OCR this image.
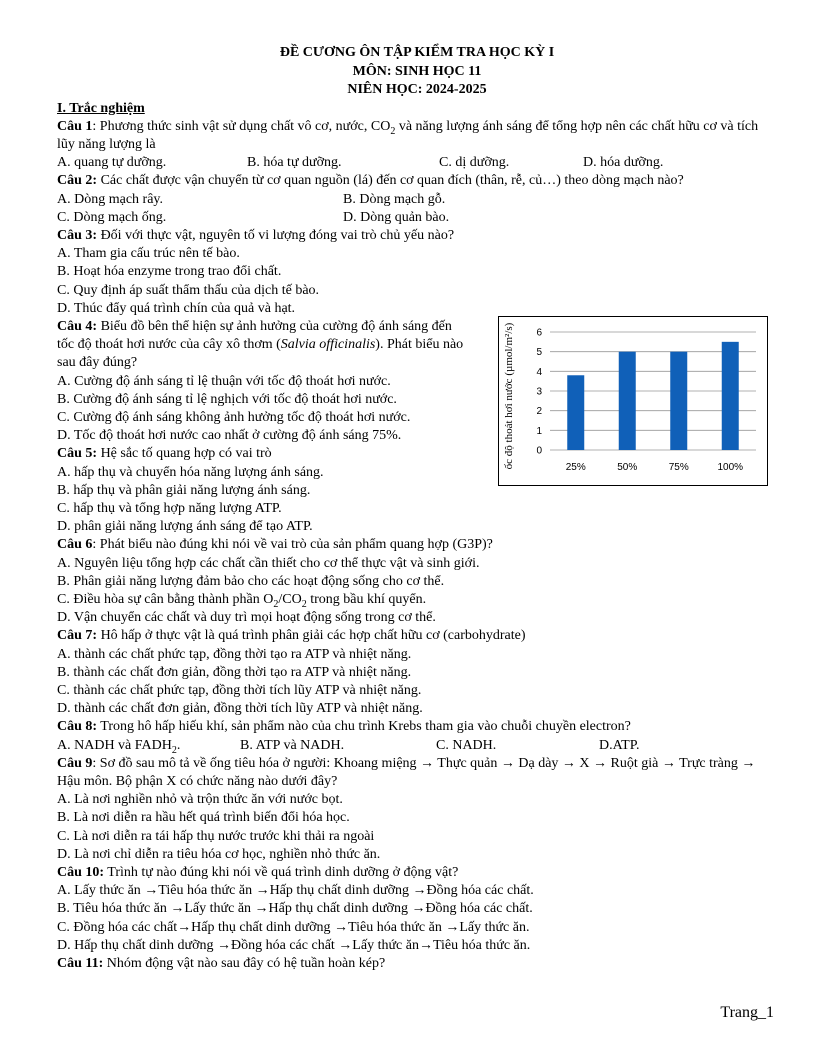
ĐỀ CƯƠNG ÔN TẬP KIỂM TRA HỌC KỲ I
MÔN: SINH HỌC 11
NIÊN HỌC: 2024-2025
I. Trắc nghiệm

Câu 1: Phương thức sinh vật sử dụng chất vô cơ, nước, $CO_2$ và năng lượng ánh sáng để tổng hợp nên các chất hữu cơ và tích lũy năng lượng là

A. quang tự dưỡng.	B. hóa tự dưỡng.	C. dị dưỡng.	D. hóa dưỡng.

Câu 2: Các chất được vận chuyển từ cơ quan nguồn (lá) đến cơ quan đích (thân, rễ, củ…) theo dòng mạch nào?

A. Dòng mạch rây.	B. Dòng mạch gỗ.
C. Dòng mạch ống.	D. Dòng quản bào.

Câu 3: Đối với thực vật, nguyên tố vi lượng đóng vai trò chủ yếu nào?

A. Tham gia cấu trúc nên tế bào.

B. Hoạt hóa enzyme trong trao đổi chất.

C. Quy định áp suất thẩm thấu của dịch tế bào.

D. Thúc đẩy quá trình chín của quả và hạt.

Câu 4: Biểu đồ bên thể hiện sự ảnh hưởng của cường độ ánh sáng đến tốc độ thoát hơi nước của cây xô thơm (Salvia officinalis). Phát biểu nào sau đây đúng?

A. Cường độ ánh sáng tỉ lệ thuận với tốc độ thoát hơi nước.

B. Cường độ ánh sáng tỉ lệ nghịch với tốc độ thoát hơi nước.

C. Cường độ ánh sáng không ảnh hưởng tốc độ thoát hơi nước.

D. Tốc độ thoát hơi nước cao nhất ở cường độ ánh sáng 75%.	ốc độ thoát hơi nước (µmol/m²/s) 0
1
2
3
4
5
6
25%	50%	75%	100%

Câu 5: Hệ sắc tố quang hợp có vai trò

A. hấp thụ và chuyển hóa năng lượng ánh sáng.

B. hấp thụ và phân giải năng lượng ánh sáng.

C. hấp thụ và tổng hợp năng lượng ATP.

D. phân giải năng lượng ánh sáng để tạo ATP.

Câu 6: Phát biểu nào đúng khi nói về vai trò của sản phẩm quang hợp (G3P)?

A. Nguyên liệu tổng hợp các chất cần thiết cho cơ thể thực vật và sinh giới.

B. Phân giải năng lượng đảm bảo cho các hoạt động sống cho cơ thể.

C. Điều hòa sự cân bằng thành phần $O_2/CO_2$ trong bầu khí quyển.

D. Vận chuyển các chất và duy trì mọi hoạt động sống trong cơ thể.

Câu 7: Hô hấp ở thực vật là quá trình phân giải các hợp chất hữu cơ (carbohydrate)

A. thành các chất phức tạp, đồng thời tạo ra ATP và nhiệt năng.

B. thành các chất đơn giản, đồng thời tạo ra ATP và nhiệt năng.

C. thành các chất phức tạp, đồng thời tích lũy ATP và nhiệt năng.

D. thành các chất đơn giản, đồng thời tích lũy ATP và nhiệt năng.

Câu 8: Trong hô hấp hiếu khí, sản phẩm nào của chu trình Krebs tham gia vào chuỗi chuyền electron?

A. NADH và $FADH_2$.	B. ATP và NADH.	C. NADH.	D.ATP.

Câu 9: Sơ đồ sau mô tả về ống tiêu hóa ở người: Khoang miệng → Thực quản → Dạ dày → X → Ruột già → Trực tràng → Hậu môn. Bộ phận X có chức năng nào dưới đây?

A. Là nơi nghiền nhỏ và trộn thức ăn với nước bọt.

B. Là nơi diễn ra hầu hết quá trình biến đổi hóa học.

C. Là nơi diễn ra tái hấp thụ nước trước khi thải ra ngoài

D. Là nơi chỉ diễn ra tiêu hóa cơ học, nghiền nhỏ thức ăn.

Câu 10: Trình tự nào đúng khi nói về quá trình dinh dưỡng ở động vật?

A. Lấy thức ăn →Tiêu hóa thức ăn →Hấp thụ chất dinh dưỡng →Đồng hóa các chất.

B. Tiêu hóa thức ăn →Lấy thức ăn →Hấp thụ chất dinh dưỡng →Đồng hóa các chất.

C. Đồng hóa các chất→Hấp thụ chất dinh dưỡng →Tiêu hóa thức ăn →Lấy thức ăn.

D. Hấp thụ chất dinh dưỡng →Đồng hóa các chất →Lấy thức ăn→Tiêu hóa thức ăn.

Câu 11: Nhóm động vật nào sau đây có hệ tuần hoàn kép?

Trang_1
